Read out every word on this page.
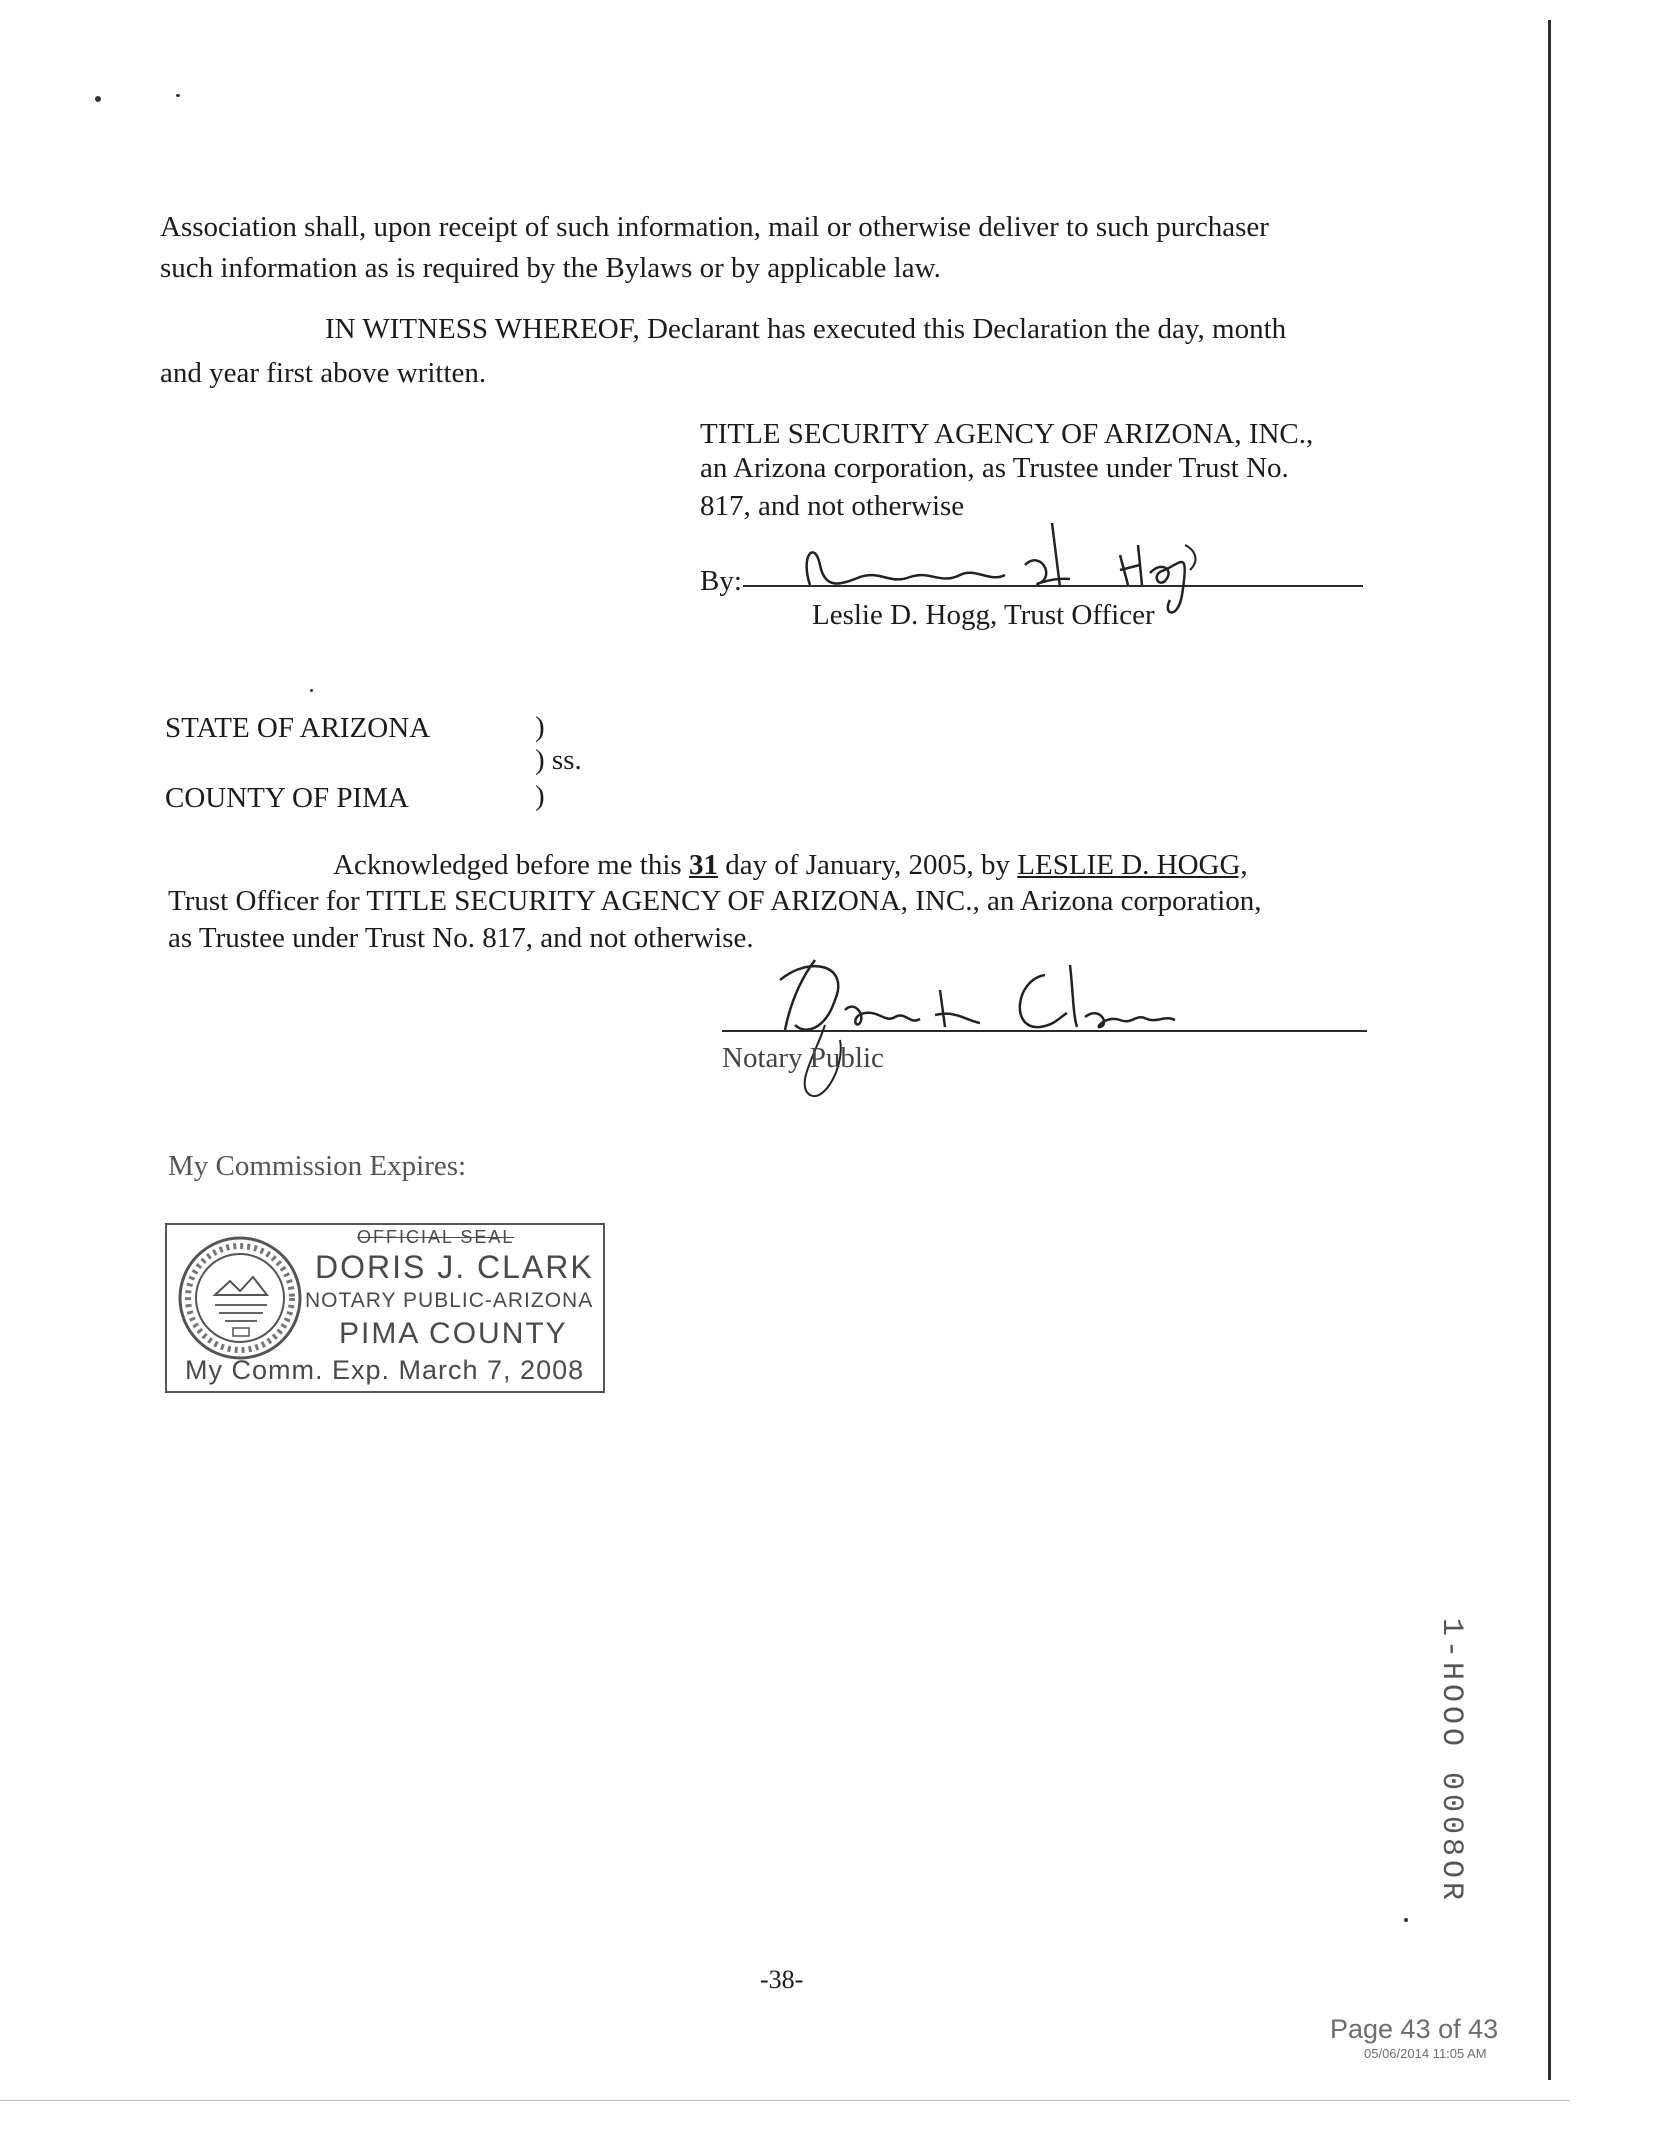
Association shall, upon receipt of such information, mail or otherwise deliver to such purchaser
such information as is required by the Bylaws or by applicable law.
IN WITNESS WHEREOF, Declarant has executed this Declaration the day, month
and year first above written.
TITLE SECURITY AGENCY OF ARIZONA, INC.,
an Arizona corporation, as Trustee under Trust No.
817, and not otherwise
By:
Leslie D. Hogg, Trust Officer
STATE OF ARIZONA	)
) ss.
COUNTY OF PIMA	)
Acknowledged before me this 31 day of January, 2005, by LESLIE D. HOGG,
Trust Officer for TITLE SECURITY AGENCY OF ARIZONA, INC., an Arizona corporation,
as Trustee under Trust No. 817, and not otherwise.
Notary Public
My Commission Expires:
OFFICIAL SEAL
DORIS J. CLARK
NOTARY PUBLIC-ARIZONA
PIMA COUNTY
My Comm. Exp. March 7, 2008
1-HOOO 0008OR
-38-
Page 43 of 43
05/06/2014 11:05 AM
